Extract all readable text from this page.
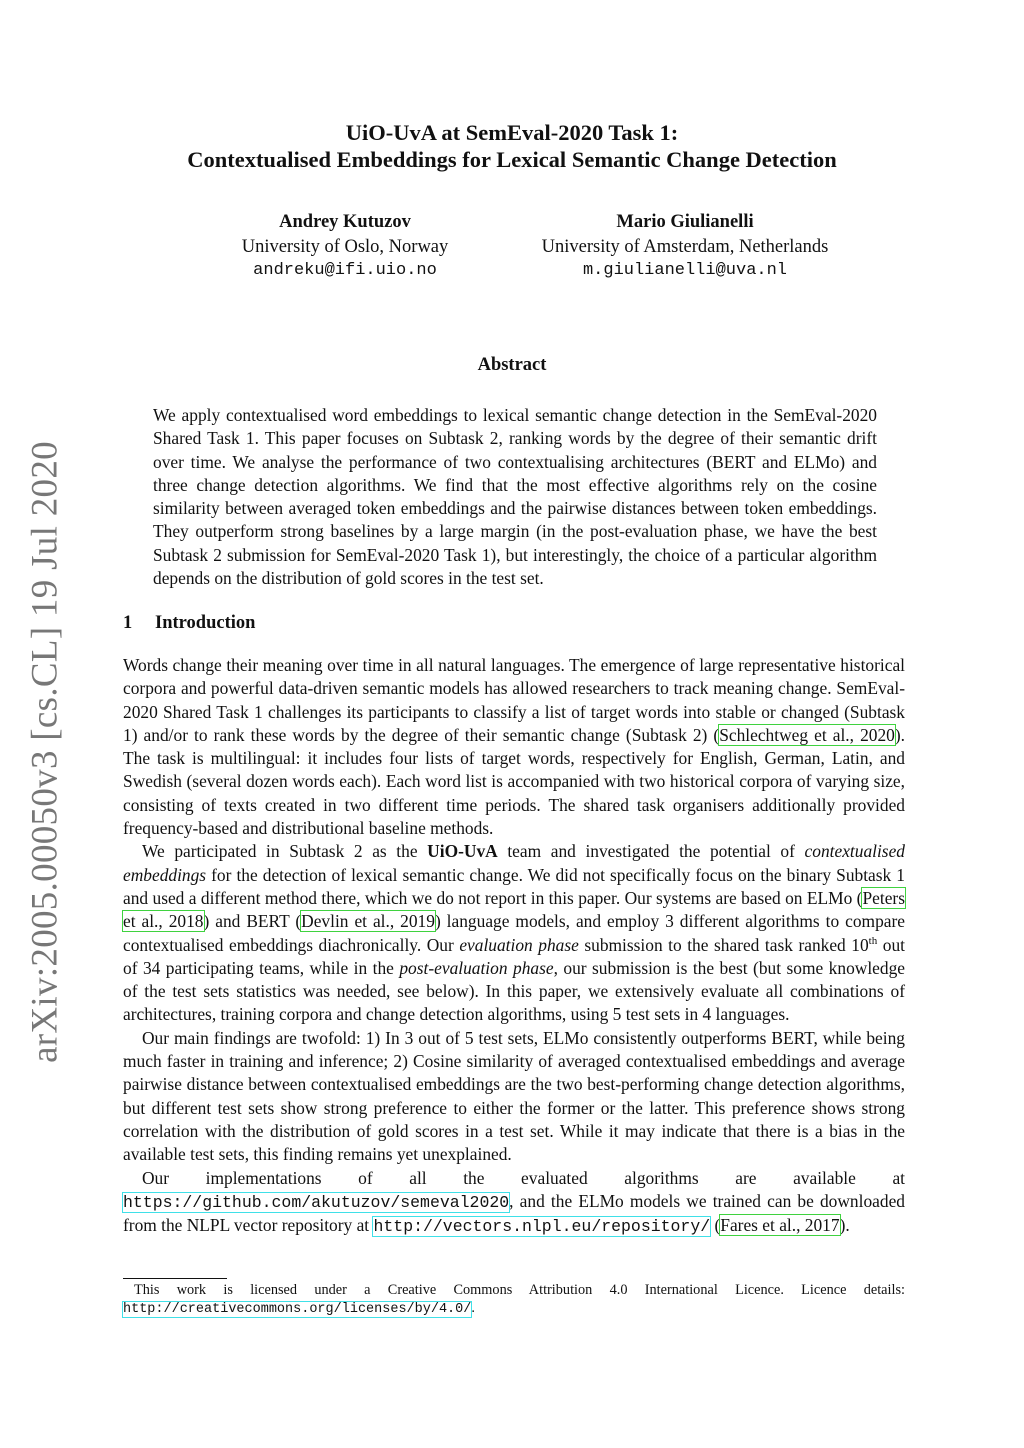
arXiv:2005.00050v3 [cs.CL] 19 Jul 2020
UiO-UvA at SemEval-2020 Task 1:
Contextualised Embeddings for Lexical Semantic Change Detection
Andrey Kutuzov
University of Oslo, Norway
andreku@ifi.uio.no
Mario Giulianelli
University of Amsterdam, Netherlands
m.giulianelli@uva.nl
Abstract
We apply contextualised word embeddings to lexical semantic change detection in the SemEval-2020 Shared Task 1. This paper focuses on Subtask 2, ranking words by the degree of their semantic drift over time. We analyse the performance of two contextualising architectures (BERT and ELMo) and three change detection algorithms. We find that the most effective algorithms rely on the cosine similarity between averaged token embeddings and the pairwise distances between token embeddings. They outperform strong baselines by a large margin (in the post-evaluation phase, we have the best Subtask 2 submission for SemEval-2020 Task 1), but interestingly, the choice of a particular algorithm depends on the distribution of gold scores in the test set.
1 Introduction

Words change their meaning over time in all natural languages. The emergence of large representative historical corpora and powerful data-driven semantic models has allowed researchers to track meaning change. SemEval-2020 Shared Task 1 challenges its participants to classify a list of target words into stable or changed (Subtask 1) and/or to rank these words by the degree of their semantic change (Subtask 2) (Schlechtweg et al., 2020). The task is multilingual: it includes four lists of target words, respectively for English, German, Latin, and Swedish (several dozen words each). Each word list is accompanied with two historical corpora of varying size, consisting of texts created in two different time periods. The shared task organisers additionally provided frequency-based and distributional baseline methods.

We participated in Subtask 2 as the UiO-UvA team and investigated the potential of contextualised embeddings for the detection of lexical semantic change. We did not specifically focus on the binary Subtask 1 and used a different method there, which we do not report in this paper. Our systems are based on ELMo (Peters et al., 2018) and BERT (Devlin et al., 2019) language models, and employ 3 different algorithms to compare contextualised embeddings diachronically. Our evaluation phase submission to the shared task ranked 10th out of 34 participating teams, while in the post-evaluation phase, our submission is the best (but some knowledge of the test sets statistics was needed, see below). In this paper, we extensively evaluate all combinations of architectures, training corpora and change detection algorithms, using 5 test sets in 4 languages.

Our main findings are twofold: 1) In 3 out of 5 test sets, ELMo consistently outperforms BERT, while being much faster in training and inference; 2) Cosine similarity of averaged contextualised embeddings and average pairwise distance between contextualised embeddings are the two best-performing change detection algorithms, but different test sets show strong preference to either the former or the latter. This preference shows strong correlation with the distribution of gold scores in a test set. While it may indicate that there is a bias in the available test sets, this finding remains yet unexplained.

Our implementations of all the evaluated algorithms are available at https://github.com/akutuzov/semeval2020, and the ELMo models we trained can be downloaded from the NLPL vector repository at http://vectors.nlpl.eu/repository/ (Fares et al., 2017).

This work is licensed under a Creative Commons Attribution 4.0 International Licence. Licence details: http://creativecommons.org/licenses/by/4.0/.
